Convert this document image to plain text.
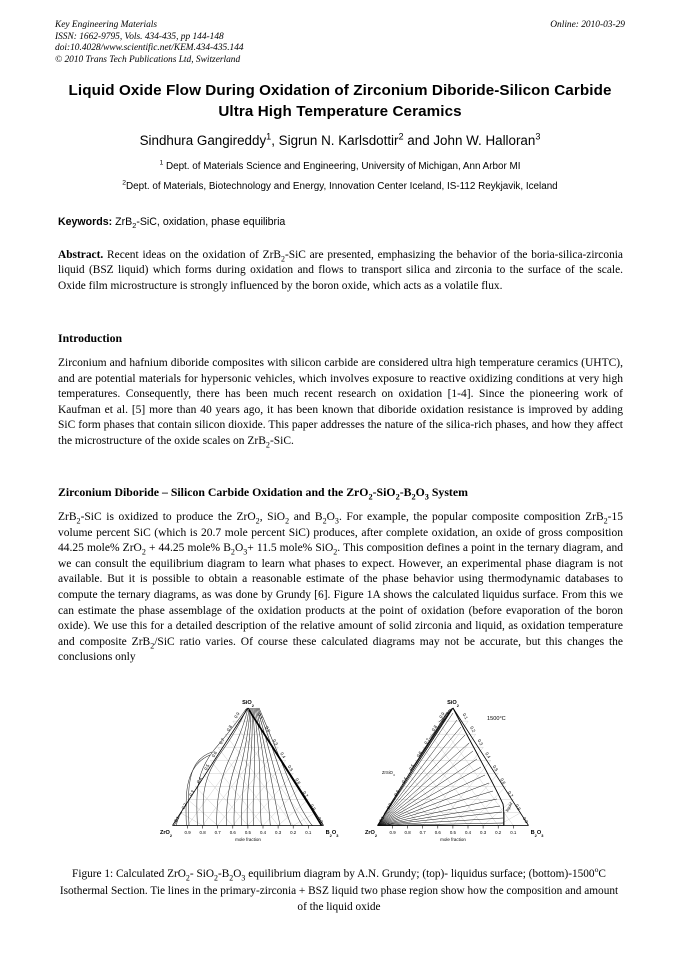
Key Engineering Materials
ISSN: 1662-9795, Vols. 434-435, pp 144-148
doi:10.4028/www.scientific.net/KEM.434-435.144
© 2010 Trans Tech Publications Ltd, Switzerland
Online: 2010-03-29
Liquid Oxide Flow During Oxidation of Zirconium Diboride-Silicon Carbide Ultra High Temperature Ceramics
Sindhura Gangireddy$^1$, Sigrun N. Karlsdottir$^2$ and John W. Halloran$^3$
$^1$ Dept. of Materials Science and Engineering, University of Michigan, Ann Arbor MI
$^2$Dept. of Materials, Biotechnology and Energy, Innovation Center Iceland, IS-112 Reykjavik, Iceland
Keywords: ZrB$_2$-SiC, oxidation, phase equilibria
Abstract. Recent ideas on the oxidation of ZrB$_2$-SiC are presented, emphasizing the behavior of the boria-silica-zirconia liquid (BSZ liquid) which forms during oxidation and flows to transport silica and zirconia to the surface of the scale. Oxide film microstructure is strongly influenced by the boron oxide, which acts as a volatile flux.
Introduction
Zirconium and hafnium diboride composites with silicon carbide are considered ultra high temperature ceramics (UHTC), and are potential materials for hypersonic vehicles, which involves exposure to reactive oxidizing conditions at very high temperatures. Consequently, there has been much recent research on oxidation [1-4]. Since the pioneering work of Kaufman et al. [5] more than 40 years ago, it has been known that diboride oxidation resistance is improved by adding SiC form phases that contain silicon dioxide. This paper addresses the nature of the silica-rich phases, and how they affect the microstructure of the oxide scales on ZrB$_2$-SiC.
Zirconium Diboride – Silicon Carbide Oxidation and the $ZrO_2-SiO_2-B_2O_3$ System
ZrB$_2$-SiC is oxidized to produce the ZrO$_2$, SiO$_2$ and $B_2O_3$. For example, the popular composite composition ZrB$_2$-15 volume percent SiC (which is 20.7 mole percent SiC) produces, after complete oxidation, an oxide of gross composition 44.25 mole% ZrO$_2$ + 44.25 mole% $B_2O_3+ 11.5$ mole% SiO$_2$. This composition defines a point in the ternary diagram, and we can consult the equilibrium diagram to learn what phases to expect. However, an experimental phase diagram is not available. But it is possible to obtain a reasonable estimate of the phase behavior using thermodynamic databases to compute the ternary diagrams, as was done by Grundy [6]. Figure 1A shows the calculated liquidus surface. From this we can estimate the phase assemblage of the oxidation products at the point of oxidation (before evaporation of the boron oxide). We use this for a detailed description of the relative amount of solid zirconia and liquid, as oxidation temperature and composite ZrB$_2$/SiC ratio varies. Of course these calculated diagrams may not be accurate, but this changes the conclusions only
0.9 0.8 0.7 0.6 0.5 0.4 0.3 0.2 0.1
0.1
0.2
0.3
0.4
0.5
0.6
0.7
0.8
0.9	0.1
0.2
0.3
0.4
0.5
0.6
0.7
0.8
0.9
SiO$_2$
ZrO$_2$	$B_2O_3$
mole fraction
0.9 0.8 0.7 0.6 0.5 0.4 0.3 0.2 0.1
0.1
0.2
0.3
0.4
0.5
0.6
0.7
0.8
0.9	0.1
0.2
0.3
0.4
0.5
0.6
0.7
0.8
0.9
SiO$_2$
ZrO$_2$	$B_2O_3$
mole fraction
1500°C
ZrSiO$_4$
liquid
Figure 1: Calculated ZrO$_2$- $SiO_2-B_2O_3$ equilibrium diagram by A.N. Grundy; (top)- liquidus surface; (bottom)-1500$^o$C Isothermal Section. Tie lines in the primary-zirconia + BSZ liquid two phase region show how the composition and amount of the liquid oxide
